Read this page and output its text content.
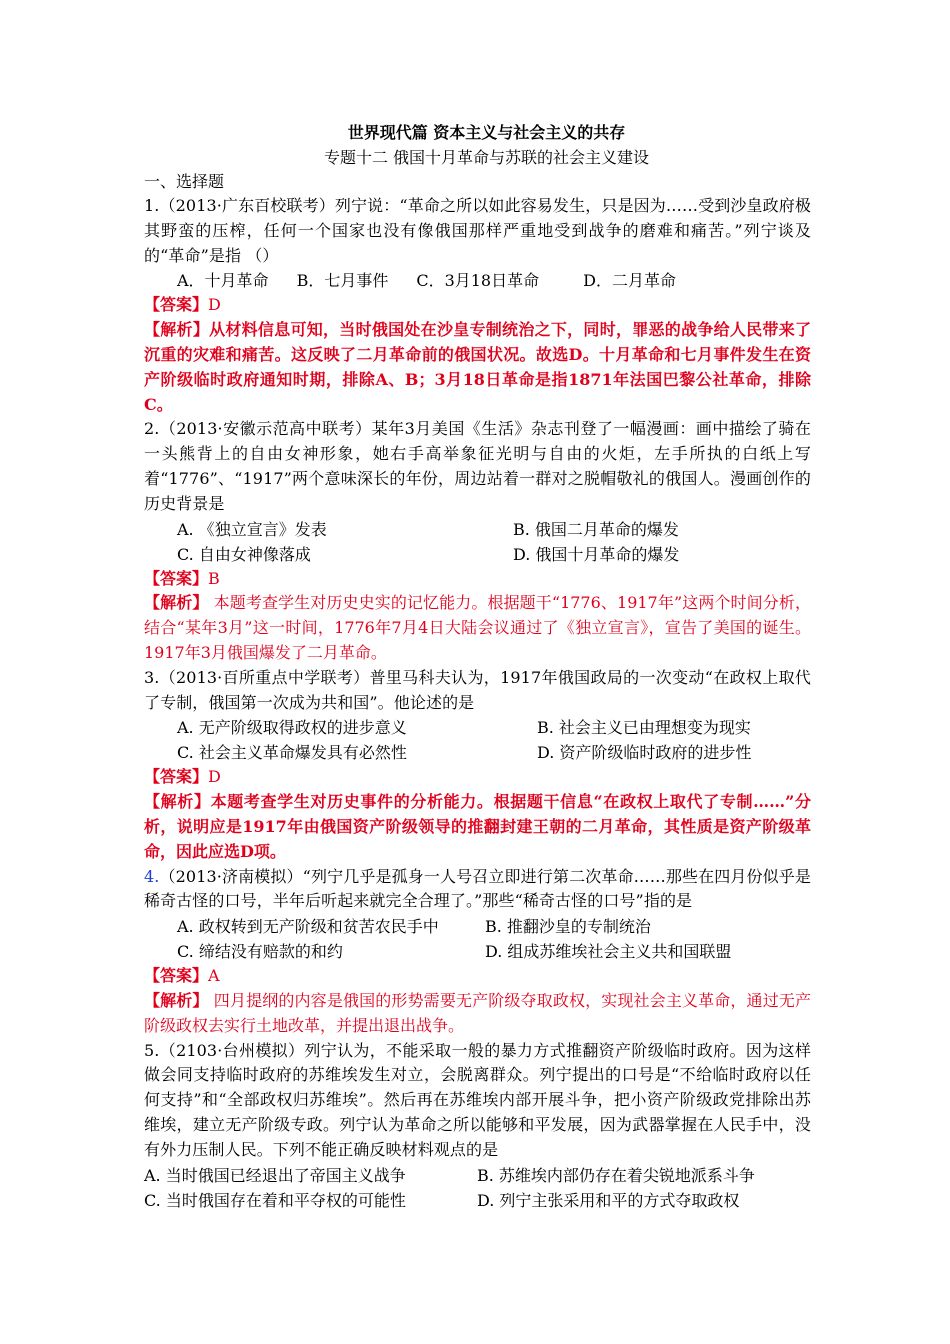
世界现代篇 资本主义与社会主义的共存
专题十二 俄国十月革命与苏联的社会主义建设
一、选择题
1.（2013·广东百校联考）列宁说：“革命之所以如此容易发生，只是因为……受到沙皇政府极其野蛮的压榨，任何一个国家也没有像俄国那样严重地受到战争的磨难和痛苦。”列宁谈及的“革命”是指 （）
A．十月革命 B．七月事件 C．3月18日革命	D．二月革命
【答案】D
【解析】从材料信息可知，当时俄国处在沙皇专制统治之下，同时，罪恶的战争给人民带来了沉重的灾难和痛苦。这反映了二月革命前的俄国状况。故选D。十月革命和七月事件发生在资产阶级临时政府通知时期，排除A、B；3月18日革命是指1871年法国巴黎公社革命，排除C。
2.（2013·安徽示范高中联考）某年3月美国《生活》杂志刊登了一幅漫画：画中描绘了骑在一头熊背上的自由女神形象，她右手高举象征光明与自由的火炬，左手所执的白纸上写着“1776”、“1917”两个意味深长的年份，周边站着一群对之脱帽敬礼的俄国人。漫画创作的历史背景是
A. 《独立宣言》发表	B. 俄国二月革命的爆发
C. 自由女神像落成	D. 俄国十月革命的爆发
【答案】B
【解析】 本题考查学生对历史史实的记忆能力。根据题干“1776、1917年”这两个时间分析，结合“某年3月”这一时间，1776年7月4日大陆会议通过了《独立宣言》，宣告了美国的诞生。1917年3月俄国爆发了二月革命。
3.（2013·百所重点中学联考）普里马科夫认为，1917年俄国政局的一次变动“在政权上取代了专制，俄国第一次成为共和国”。他论述的是
A. 无产阶级取得政权的进步意义	B. 社会主义已由理想变为现实
C. 社会主义革命爆发具有必然性	D. 资产阶级临时政府的进步性
【答案】D
【解析】本题考查学生对历史事件的分析能力。根据题干信息“在政权上取代了专制……”分析，说明应是1917年由俄国资产阶级领导的推翻封建王朝的二月革命，其性质是资产阶级革命，因此应选D项。
4.（2013·济南模拟）“列宁几乎是孤身一人号召立即进行第二次革命……那些在四月份似乎是稀奇古怪的口号，半年后听起来就完全合理了。”那些“稀奇古怪的口号”指的是
A. 政权转到无产阶级和贫苦农民手中	B. 推翻沙皇的专制统治
C. 缔结没有赔款的和约	D. 组成苏维埃社会主义共和国联盟
【答案】A
【解析】 四月提纲的内容是俄国的形势需要无产阶级夺取政权，实现社会主义革命，通过无产阶级政权去实行土地改革，并提出退出战争。
5.（2103·台州模拟）列宁认为，不能采取一般的暴力方式推翻资产阶级临时政府。因为这样做会同支持临时政府的苏维埃发生对立，会脱离群众。列宁提出的口号是“不给临时政府以任何支持”和“全部政权归苏维埃”。然后再在苏维埃内部开展斗争，把小资产阶级政党排除出苏维埃，建立无产阶级专政。列宁认为革命之所以能够和平发展，因为武器掌握在人民手中，没有外力压制人民。下列不能正确反映材料观点的是
A. 当时俄国已经退出了帝国主义战争	B. 苏维埃内部仍存在着尖锐地派系斗争
C. 当时俄国存在着和平夺权的可能性	D. 列宁主张采用和平的方式夺取政权
